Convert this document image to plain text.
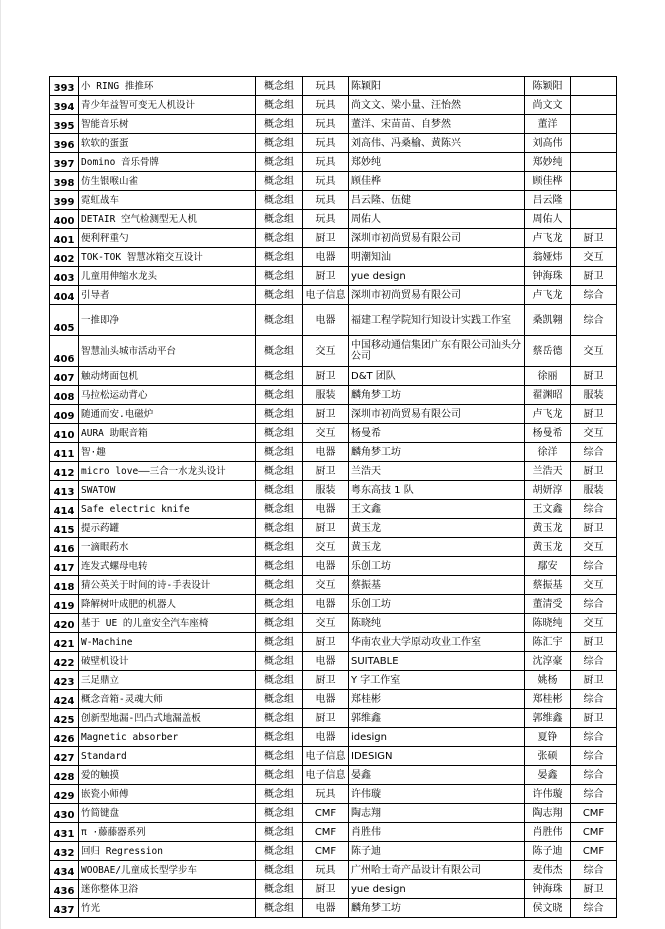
393	小 RING 推推环	概念组	玩具	陈颖阳	陈颖阳	
394	青少年益智可变无人机设计	概念组	玩具	尚文文、梁小量、汪怡然	尚文文	
395	智能音乐树	概念组	玩具	董洋、宋苗苗、自梦然	董洋	
396	软软的蛋蛋	概念组	玩具	刘高伟、冯桑榆、黄陈兴	刘高伟	
397	Domino 音乐骨牌	概念组	玩具	郑妙纯	郑妙纯	
398	仿生银喉山雀	概念组	玩具	顾佳桦	顾佳桦	
399	霓虹战车	概念组	玩具	吕云隆、伍健	吕云隆	
400	DETAIR 空气检测型无人机	概念组	玩具	周佑人	周佑人	
401	便利秤重勺	概念组	厨卫	深圳市初尚贸易有限公司	卢飞龙	厨卫
402	TOK-TOK 智慧冰箱交互设计	概念组	电器	明潮知汕	翁娅炜	交互
403	儿童用伸缩水龙头	概念组	厨卫	yue design	钟海珠	厨卫
404	引导者	概念组	电子信息	深圳市初尚贸易有限公司	卢飞龙	综合
405	一推即净	概念组	电器	福建工程学院知行知设计实践工作室	桑凯翱	综合
406	智慧汕头城市活动平台	概念组	交互	中国移动通信集团广东有限公司汕头分公司	蔡岳德	交互
407	触动烤面包机	概念组	厨卫	D&T 团队	徐丽	厨卫
408	马拉松运动背心	概念组	服装	麟角梦工坊	翟渊昭	服装
409	随通而安.电磁炉	概念组	厨卫	深圳市初尚贸易有限公司	卢飞龙	厨卫
410	AURA 助眠音箱	概念组	交互	杨曼希	杨曼希	交互
411	智·趣	概念组	电器	麟角梦工坊	徐洋	综合
412	micro love——三合一水龙头设计	概念组	厨卫	兰浩天	兰浩天	厨卫
413	SWATOW	概念组	服装	粤东高技 1 队	胡妍淳	服装
414	Safe electric knife	概念组	电器	王文鑫	王文鑫	综合
415	提示药罐	概念组	厨卫	黄玉龙	黄玉龙	厨卫
416	一滴眼药水	概念组	交互	黄玉龙	黄玉龙	交互
417	连发式螺母电转	概念组	电器	乐创工坊	鄢安	综合
418	猜公英关于时间的诗-手表设计	概念组	交互	蔡振基	蔡振基	交互
419	降解树叶成肥的机器人	概念组	电器	乐创工坊	董清受	综合
420	基于 UE 的儿童安全汽车座椅	概念组	交互	陈晓纯	陈晓纯	交互
421	W-Machine	概念组	厨卫	华南农业大学原动攻业工作室	陈汇宇	厨卫
422	破壁机设计	概念组	电器	SUITABLE	沈淳豪	综合
423	三足鼎立	概念组	厨卫	Y 字工作室	姚杨	厨卫
424	概念音箱-灵魂大师	概念组	电器	郑桂彬	郑桂彬	综合
425	创新型地漏-凹凸式地漏盖板	概念组	厨卫	郭维鑫	郭维鑫	厨卫
426	Magnetic absorber	概念组	电器	idesign	夏铮	综合
427	Standard	概念组	电子信息	IDESIGN	张硕	综合
428	爱的触摸	概念组	电子信息	晏鑫	晏鑫	综合
429	嵌瓷小师傅	概念组	玩具	许伟璇	许伟璇	综合
430	竹简键盘	概念组	CMF	陶志翔	陶志翔	CMF
431	π ·藤藤器系列	概念组	CMF	肖胜伟	肖胜伟	CMF
432	回归 Regression	概念组	CMF	陈子迪	陈子迪	CMF
434	WOOBAE/儿童成长型学步车	概念组	玩具	广州哈士奇产品设计有限公司	麦伟杰	综合
436	迷你整体卫浴	概念组	厨卫	yue design	钟海珠	厨卫
437	竹光	概念组	电器	麟角梦工坊	侯文晓	综合
